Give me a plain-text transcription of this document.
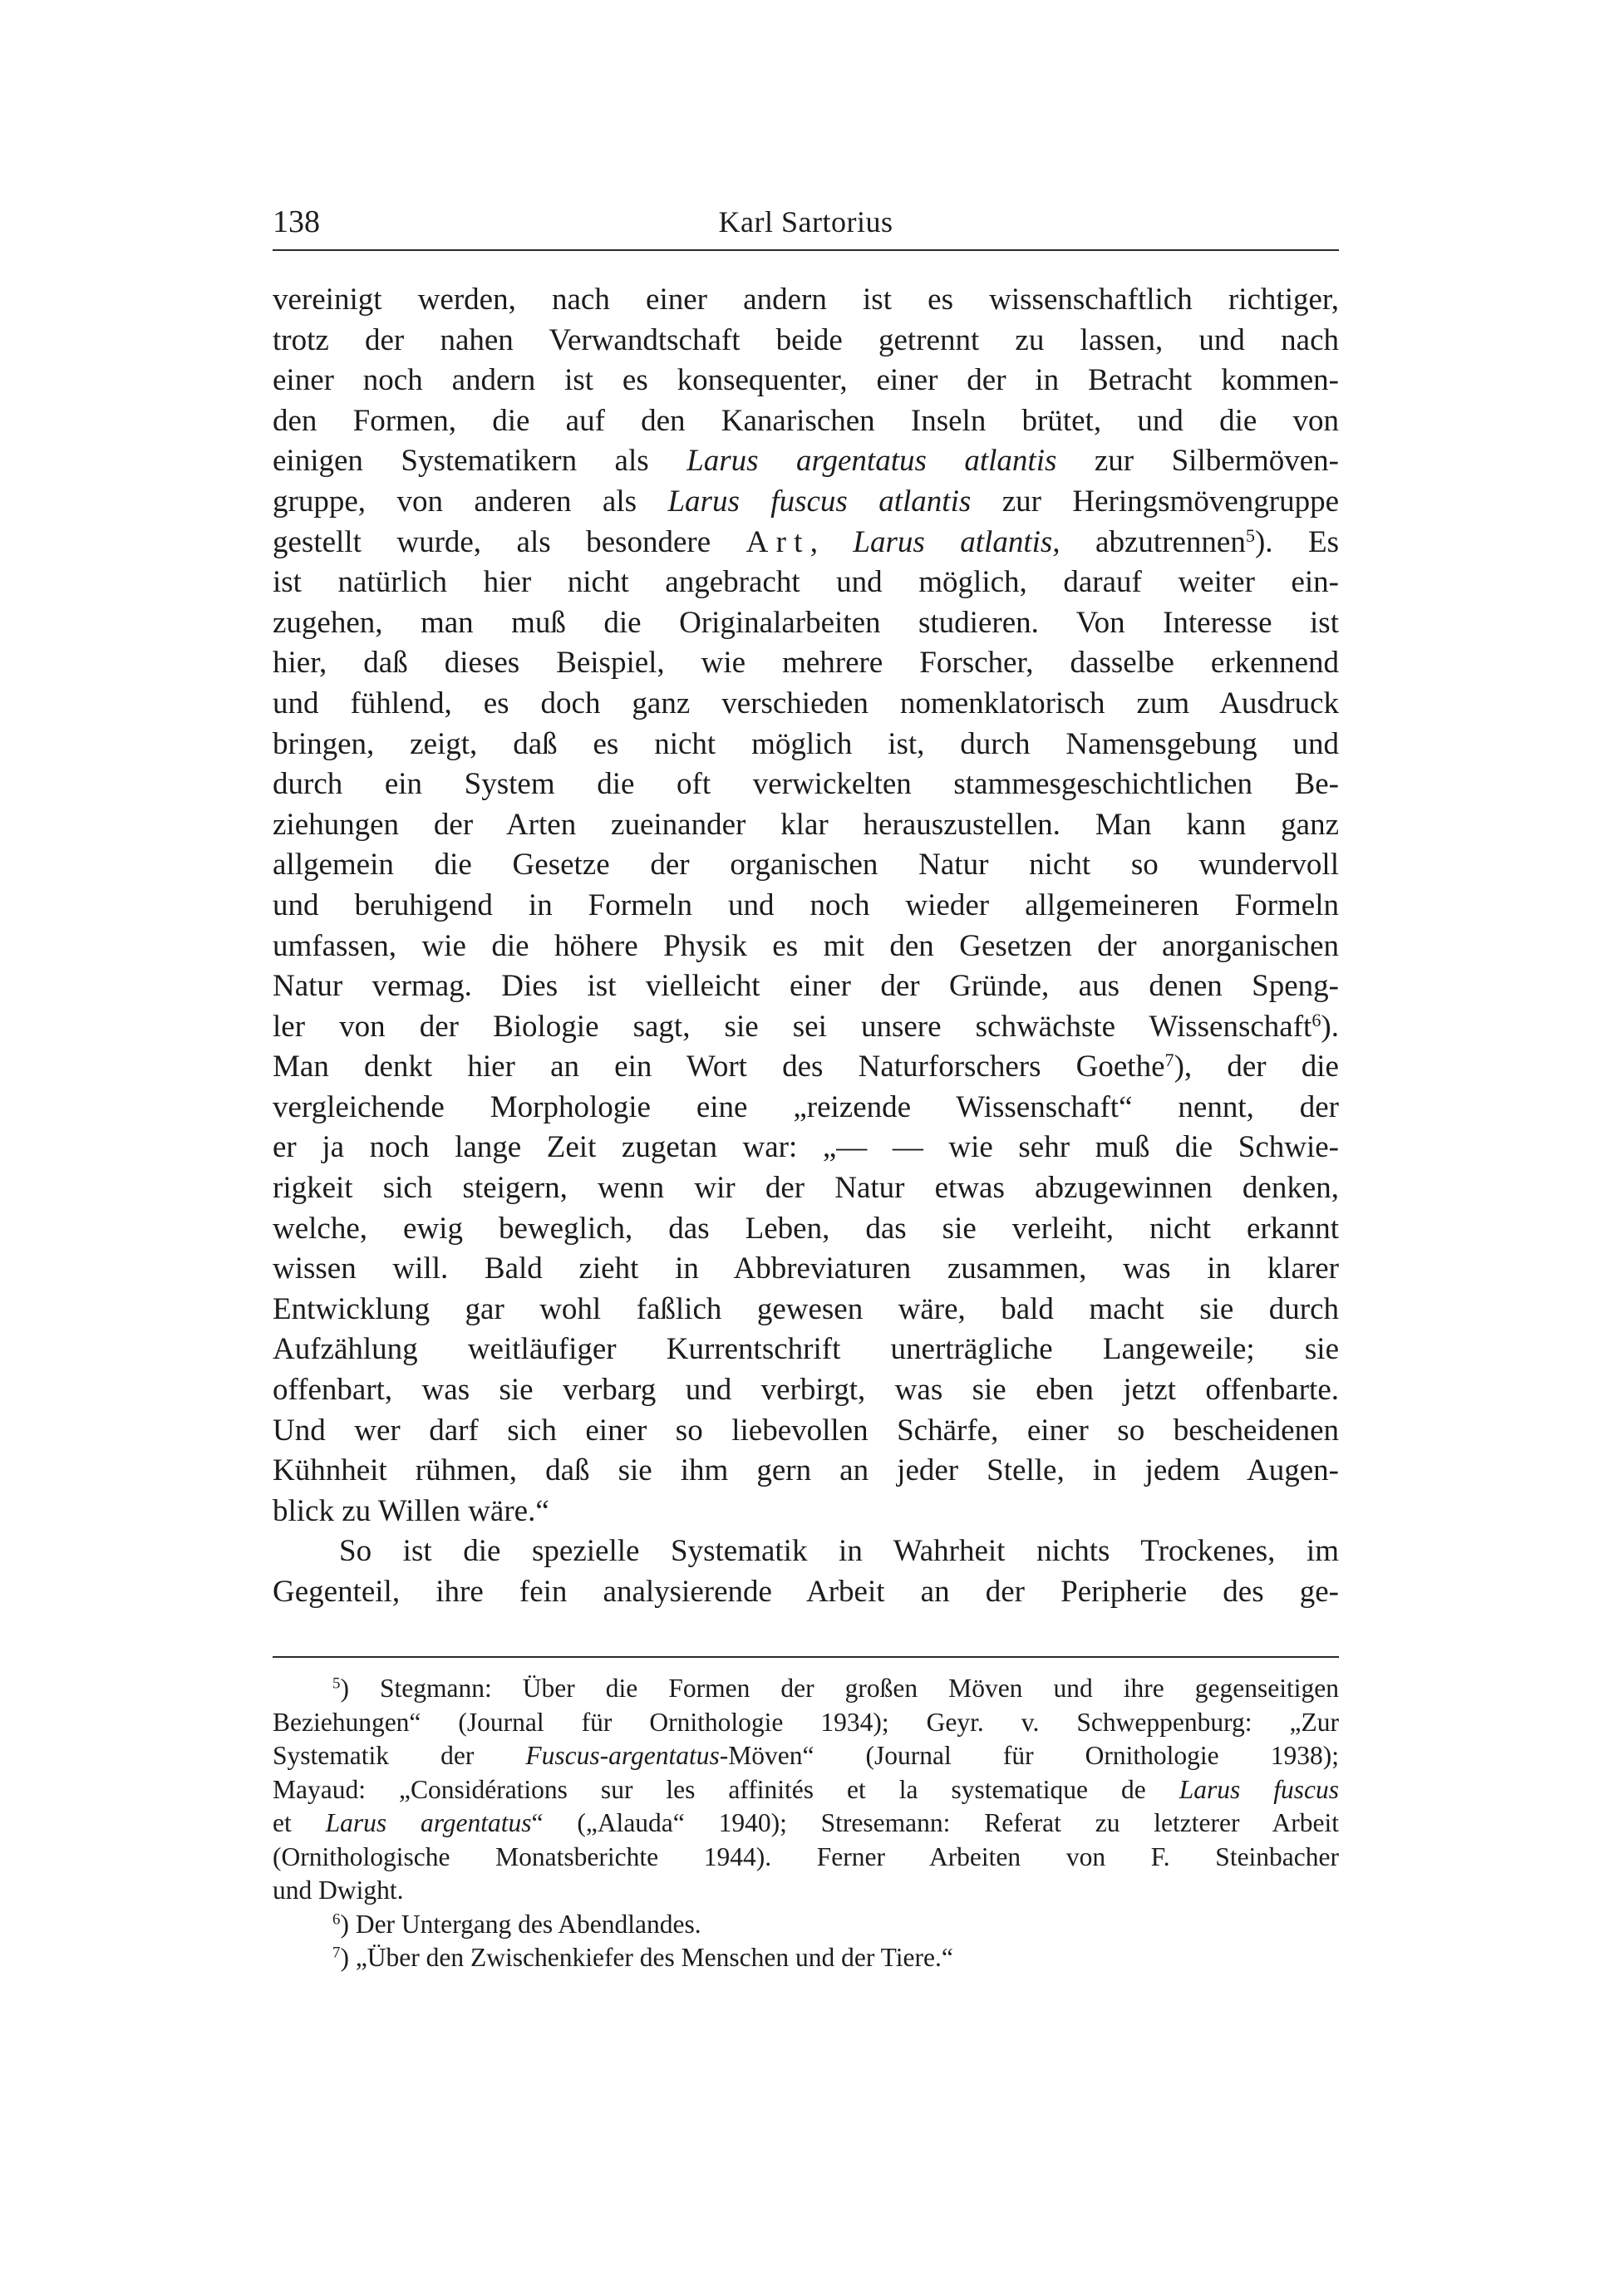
138	Karl Sartorius
vereinigt werden, nach einer andern ist es wissenschaftlich richtiger,
trotz der nahen Verwandtschaft beide getrennt zu lassen, und nach
einer noch andern ist es konsequenter, einer der in Betracht kommen-
den Formen, die auf den Kanarischen Inseln brütet, und die von
einigen Systematikern als Larus argentatus atlantis zur Silbermöven-
gruppe, von anderen als Larus fuscus atlantis zur Heringsmövengruppe
gestellt wurde, als besondere Art, Larus atlantis, abzutrennen$^5$). Es
ist natürlich hier nicht angebracht und möglich, darauf weiter ein-
zugehen, man muß die Originalarbeiten studieren. Von Interesse ist
hier, daß dieses Beispiel, wie mehrere Forscher, dasselbe erkennend
und fühlend, es doch ganz verschieden nomenklatorisch zum Ausdruck
bringen, zeigt, daß es nicht möglich ist, durch Namensgebung und
durch ein System die oft verwickelten stammesgeschichtlichen Be-
ziehungen der Arten zueinander klar herauszustellen. Man kann ganz
allgemein die Gesetze der organischen Natur nicht so wundervoll
und beruhigend in Formeln und noch wieder allgemeineren Formeln
umfassen, wie die höhere Physik es mit den Gesetzen der anorganischen
Natur vermag. Dies ist vielleicht einer der Gründe, aus denen Speng-
ler von der Biologie sagt, sie sei unsere schwächste Wissenschaft$^6$).
Man denkt hier an ein Wort des Naturforschers Goethe$^7$), der die
vergleichende Morphologie eine „reizende Wissenschaft“ nennt, der
er ja noch lange Zeit zugetan war: „— — wie sehr muß die Schwie-
rigkeit sich steigern, wenn wir der Natur etwas abzugewinnen denken,
welche, ewig beweglich, das Leben, das sie verleiht, nicht erkannt
wissen will. Bald zieht in Abbreviaturen zusammen, was in klarer
Entwicklung gar wohl faßlich gewesen wäre, bald macht sie durch
Aufzählung weitläufiger Kurrentschrift unerträgliche Langeweile; sie
offenbart, was sie verbarg und verbirgt, was sie eben jetzt offenbarte.
Und wer darf sich einer so liebevollen Schärfe, einer so bescheidenen
Kühnheit rühmen, daß sie ihm gern an jeder Stelle, in jedem Augen-
blick zu Willen wäre.“
So ist die spezielle Systematik in Wahrheit nichts Trockenes, im
Gegenteil, ihre fein analysierende Arbeit an der Peripherie des ge-
$^5$) Stegmann: Über die Formen der großen Möven und ihre gegenseitigen
Beziehungen“ (Journal für Ornithologie 1934); Geyr. v. Schweppenburg: „Zur
Systematik der Fuscus-argentatus-Möven“ (Journal für Ornithologie 1938);
Mayaud: „Considérations sur les affinités et la systematique de Larus fuscus
et Larus argentatus“ („Alauda“ 1940); Stresemann: Referat zu letzterer Arbeit
(Ornithologische Monatsberichte 1944). Ferner Arbeiten von F. Steinbacher
und Dwight.
$^6$) Der Untergang des Abendlandes.
$^7$) „Über den Zwischenkiefer des Menschen und der Tiere.“
